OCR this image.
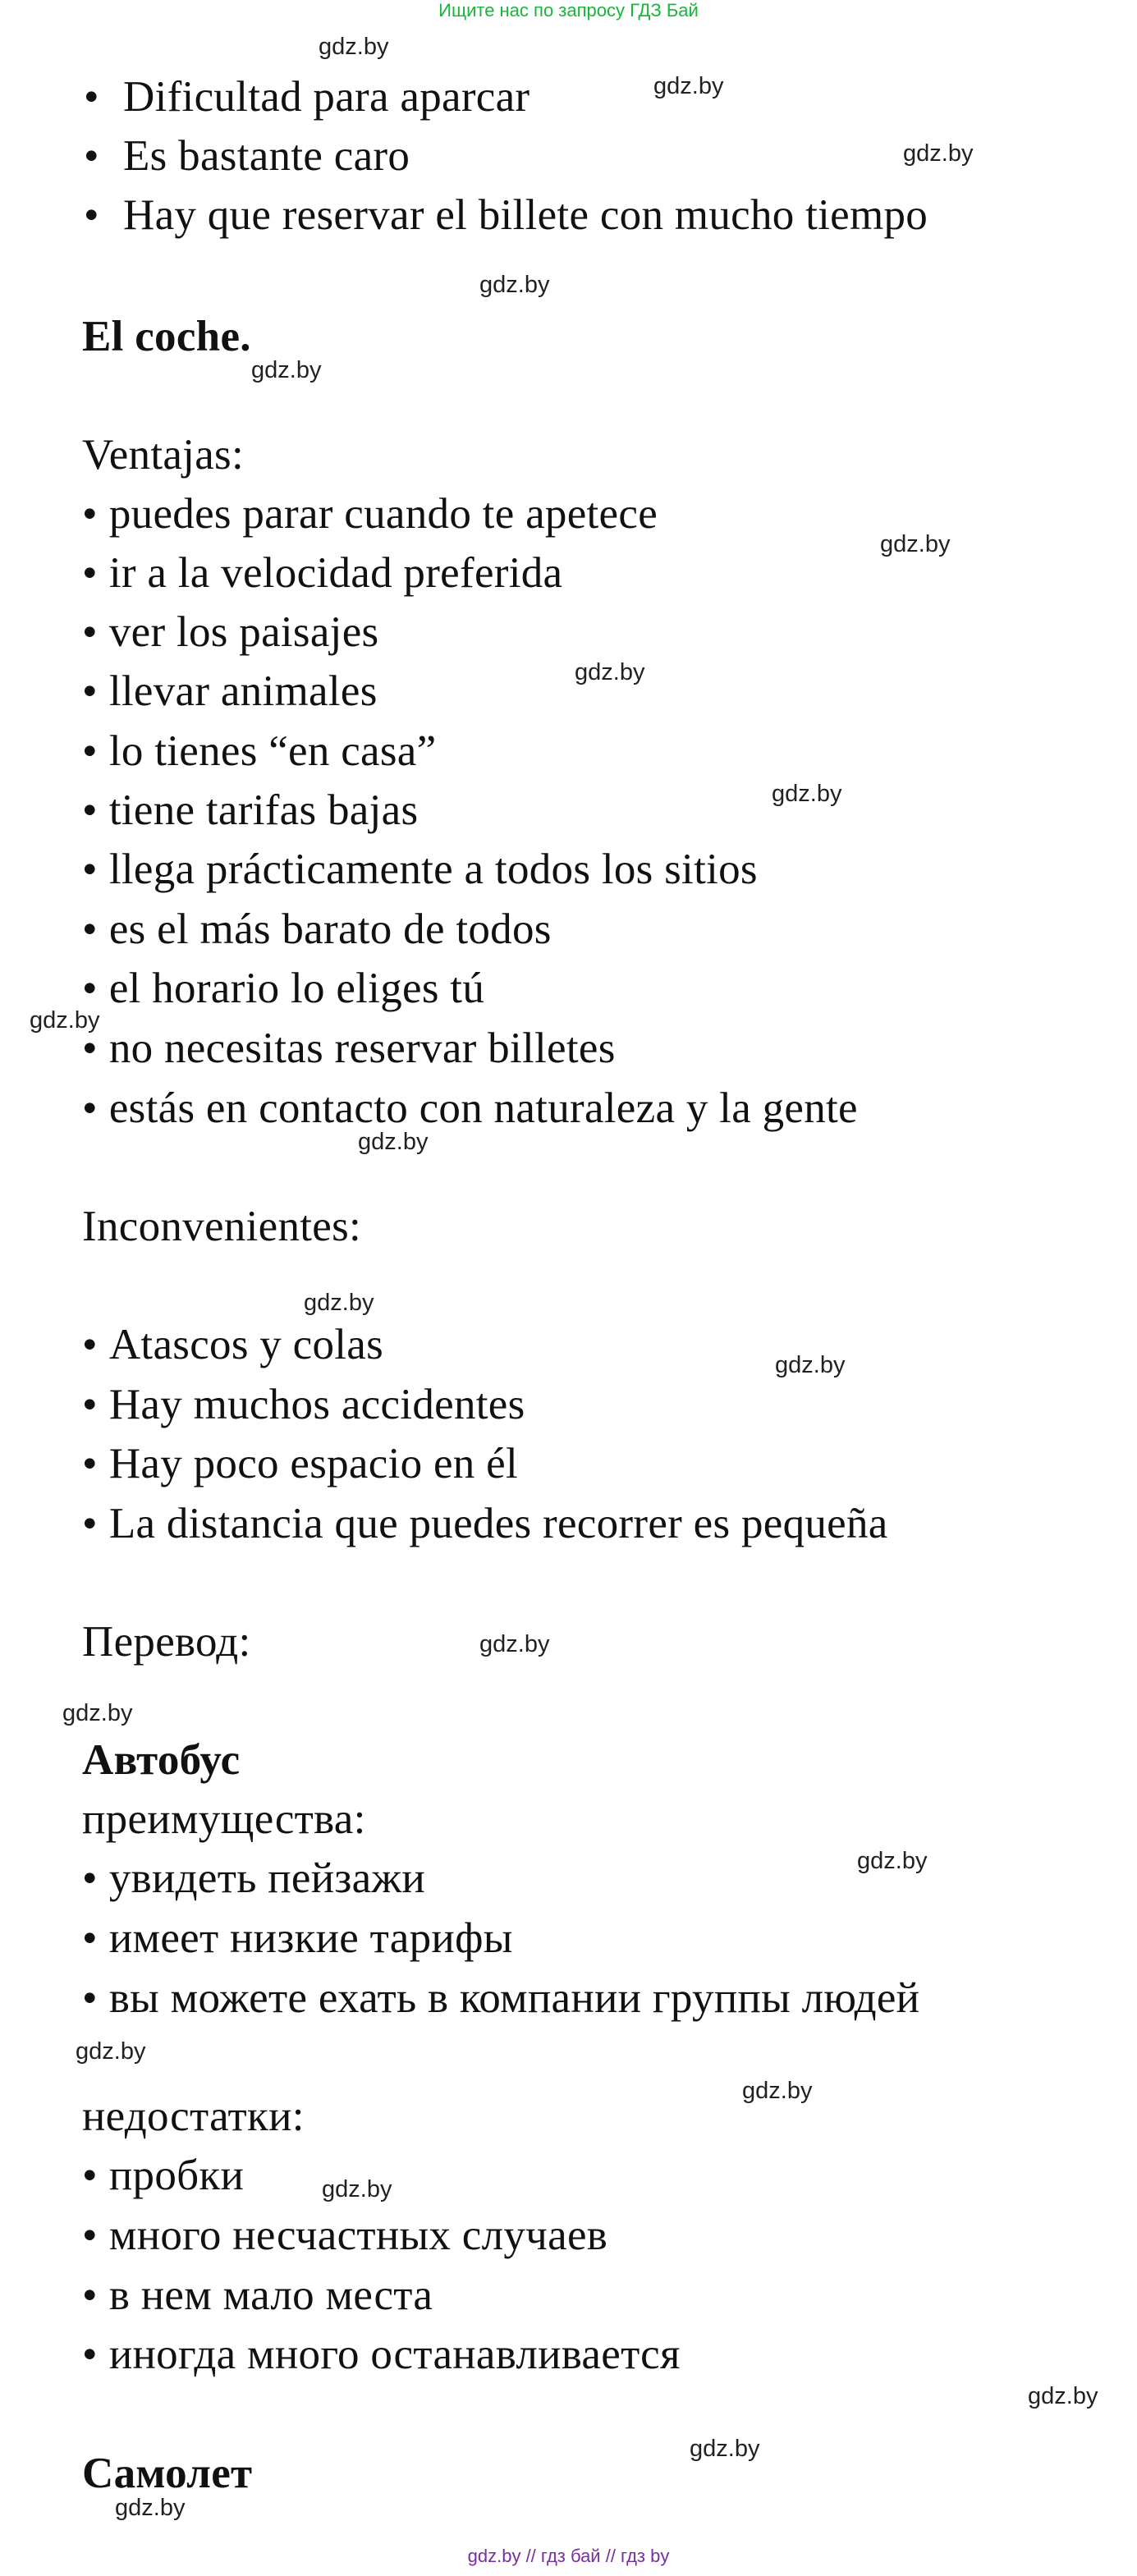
Ищите нас по запросу ГДЗ Бай
• Dificultad para aparcar
• Es bastante caro
• Hay que reservar el billete con mucho tiempo
El coche.
Ventajas:
• puedes parar cuando te apetece
• ir a la velocidad preferida
• ver los paisajes
• llevar animales
• lo tienes “en casa”
• tiene tarifas bajas
• llega prácticamente a todos los sitios
• es el más barato de todos
• el horario lo eliges tú
• no necesitas reservar billetes
• estás en contacto con naturaleza y la gente
Inconvenientes:
• Atascos y colas
• Hay muchos accidentes
• Hay poco espacio en él
• La distancia que puedes recorrer es pequeña
Перевод:
Автобус
преимущества:
• увидеть пейзажи
• имеет низкие тарифы
• вы можете ехать в компании группы людей
недостатки:
• пробки
• много несчастных случаев
• в нем мало места
• иногда много останавливается
Самолет
gdz.by
gdz.by
gdz.by
gdz.by
gdz.by
gdz.by
gdz.by
gdz.by
gdz.by
gdz.by
gdz.by
gdz.by
gdz.by
gdz.by
gdz.by
gdz.by
gdz.by
gdz.by
gdz.by
gdz.by
gdz.by
gdz.by // гдз бай // гдз by
